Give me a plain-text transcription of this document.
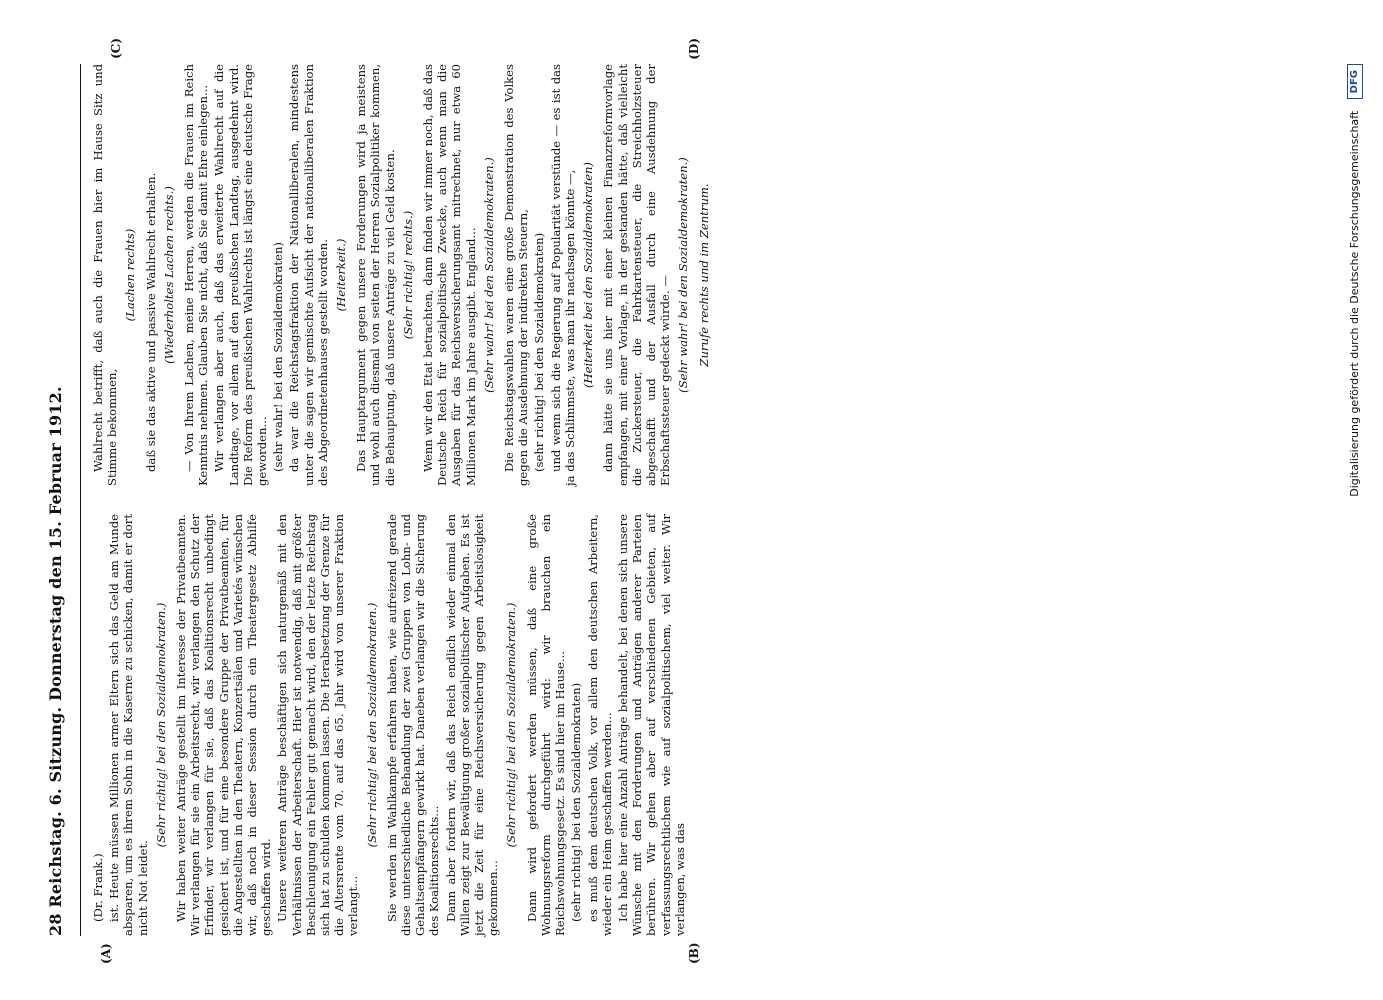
28 Reichstag. 6. Sitzung. Donnerstag den 15. Februar 1912.
(A)	(B)
(Dr. Frank.) ist. Heute müssen Millionen armer Eltern sich das Geld am Munde absparen, um es ihrem Sohn in die Kaserne zu schicken, damit er dort nicht Not leidet.
(Sehr richtig! bei den Sozialdemokraten.) Wir haben weiter Anträge gestellt im Interesse der Privatbeamten. Wir verlangen für sie ein Arbeitsrecht, wir verlangen den Schutz der Erfinder, wir verlangen für sie, daß das Koalitionsrecht unbedingt gesichert ist, und für eine besondere Gruppe der Privatbeamten, für die Angestellten in den Theatern, Konzertsälen und Varietés wünschen wir, daß noch in dieser Session durch ein Theatergesetz Abhilfe geschaffen wird. Unsere weiteren Anträge beschäftigen sich naturgemäß mit den Verhältnissen der Arbeiterschaft. Hier ist notwendig, daß mit größter Beschleunigung ein Fehler gut gemacht wird, den der letzte Reichstag sich hat zu schulden kommen lassen. Die Herabsetzung der Grenze für die Altersrente vom 70. auf das 65. Jahr wird von unserer Fraktion verlangt...
(Sehr richtig! bei den Sozialdemokraten.) Sie werden im Wahlkampfe erfahren haben, wie aufreizend gerade diese unterschiedliche Behandlung der zwei Gruppen von Lohn- und Gehaltsempfängern gewirkt hat. Daneben verlangen wir die Sicherung des Koalitionsrechts... Dann aber fordern wir, daß das Reich endlich wieder einmal den Willen zeigt zur Bewältigung großer sozialpolitischer Aufgaben. Es ist jetzt die Zeit für eine Reichsversicherung gegen Arbeitslosigkeit gekommen...
(Sehr richtig! bei den Sozialdemokraten.) Dann wird gefordert werden müssen, daß eine große Wohnungsreform durchgeführt wird: wir brauchen ein Reichswohnungsgesetz. Es sind hier im Hause... (sehr richtig! bei den Sozialdemokraten) es muß dem deutschen Volk, vor allem den deutschen Arbeitern, wieder ein Heim geschaffen werden... Ich habe hier eine Anzahl Anträge behandelt, bei denen sich unsere Wünsche mit den Forderungen und Anträgen anderer Parteien berühren. Wir gehen aber auf verschiedenen Gebieten, auf verfassungsrechtlichem wie auf sozialpolitischem, viel weiter. Wir verlangen, was das
(C)	(D)
Wahlrecht betrifft, daß auch die Frauen hier im Hause Sitz und Stimme bekommen,
(Lachen rechts) daß sie das aktive und passive Wahlrecht erhalten. (Wiederholtes Lachen rechts.) — Von Ihrem Lachen, meine Herren, werden die Frauen im Reich Kenntnis nehmen. Glauben Sie nicht, daß Sie damit Ehre einlegen... Wir verlangen aber auch, daß das erweiterte Wahlrecht auf die Landtage, vor allem auf den preußischen Landtag, ausgedehnt wird. Die Reform des preußischen Wahlrechts ist längst eine deutsche Frage geworden... (sehr wahr! bei den Sozialdemokraten) da war die Reichstagsfraktion der Nationalliberalen, mindestens unter die sagen wir gemischte Aufsicht der nationalliberalen Fraktion des Abgeordnetenhauses gestellt worden. (Heiterkeit.) Das Hauptargument gegen unsere Forderungen wird ja meistens und wohl auch diesmal von seiten der Herren Sozialpolitiker kommen, die Behauptung, daß unsere Anträge zu viel Geld kosten. (Sehr richtig! rechts.) Wenn wir den Etat betrachten, dann finden wir immer noch, daß das Deutsche Reich für sozialpolitische Zwecke, auch wenn man die Ausgaben für das Reichsversicherungsamt mitrechnet, nur etwa 60 Millionen Mark im Jahre ausgibt. England... (Sehr wahr! bei den Sozialdemokraten.) Die Reichstagswahlen waren eine große Demonstration des Volkes gegen die Ausdehnung der indirekten Steuern, (sehr richtig! bei den Sozialdemokraten) und wenn sich die Regierung auf Popularität verstünde — es ist das ja das Schlimmste, was man ihr nachsagen könnte —, (Heiterkeit bei den Sozialdemokraten) dann hätte sie uns hier mit einer kleinen Finanzreformvorlage empfangen, mit einer Vorlage, in der gestanden hätte, daß vielleicht die Zuckersteuer, die Fahrkartensteuer, die Streichholzsteuer abgeschafft und der Ausfall durch eine Ausdehnung der Erbschaftssteuer gedeckt würde. — (Sehr wahr! bei den Sozialdemokraten.) Zurufe rechts und im Zentrum.	Digitalisierung gefördert durch die Deutsche Forschungsgemeinschaft DFG
